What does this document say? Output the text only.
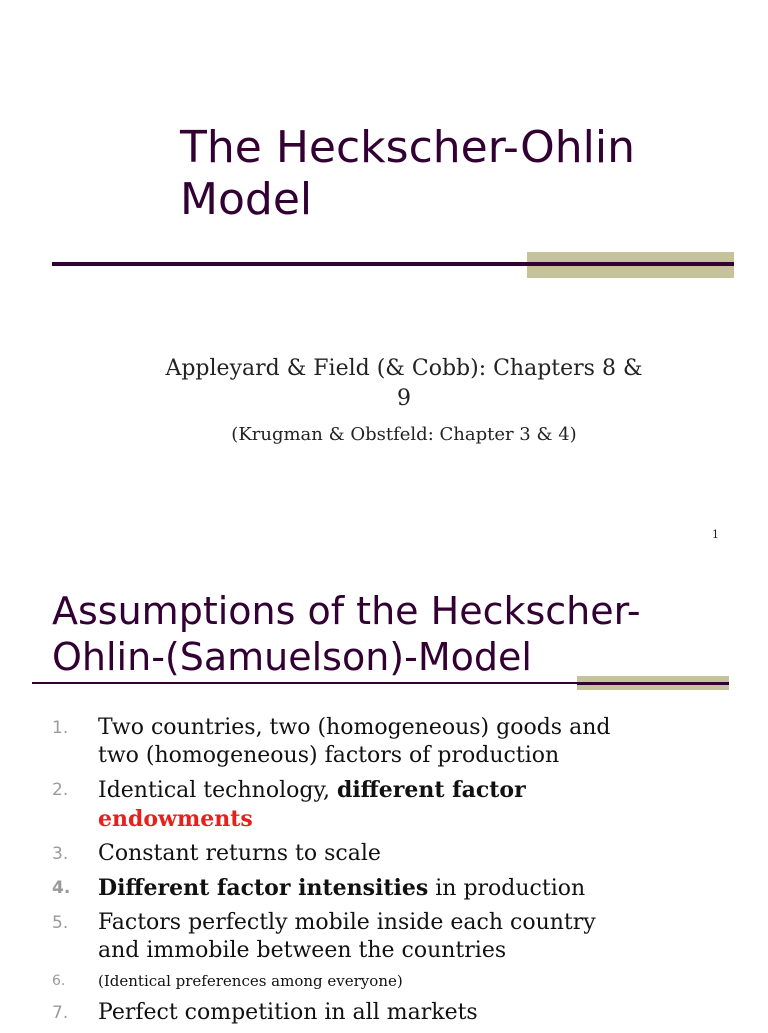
The Heckscher-Ohlin
Model

Appleyard & Field (& Cobb): Chapters 8 &
9

(Krugman & Obstfeld: Chapter 3 & 4)

1
Assumptions of the Heckscher-
Ohlin-(Samuelson)-Model
1. Two countries, two (homogeneous) goods and
two (homogeneous) factors of production
2. Identical technology, different factor
endowments
3. Constant returns to scale
4. Different factor intensities in production
5. Factors perfectly mobile inside each country
and immobile between the countries
6. (Identical preferences among everyone)
7. Perfect competition in all markets
